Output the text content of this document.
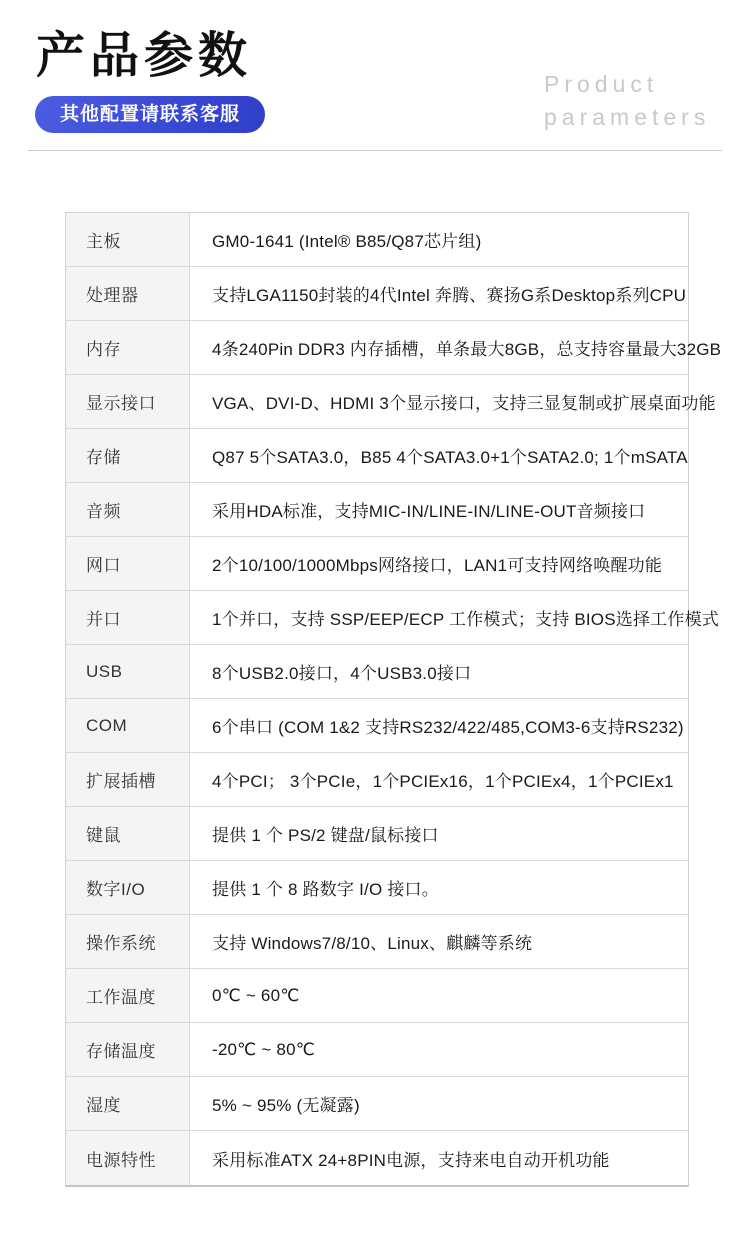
产品参数
其他配置请联系客服
Product
parameters
主板	GM0-1641 (Intel® B85/Q87芯片组)
处理器	支持LGA1150封装的4代Intel 奔腾、赛扬G系Desktop系列CPU
内存	4条240Pin DDR3 内存插槽，单条最大8GB，总支持容量最大32GB
显示接口	VGA、DVI-D、HDMI 3个显示接口，支持三显复制或扩展桌面功能
存储	Q87 5个SATA3.0，B85 4个SATA3.0+1个SATA2.0; 1个mSATA
音频	采用HDA标准，支持MIC-IN/LINE-IN/LINE-OUT音频接口
网口	2个10/100/1000Mbps网络接口，LAN1可支持网络唤醒功能
并口	1个并口，支持 SSP/EEP/ECP 工作模式；支持 BIOS选择工作模式
USB	8个USB2.0接口，4个USB3.0接口
COM	6个串口 (COM 1&2 支持RS232/422/485,COM3-6支持RS232)
扩展插槽	4个PCI； 3个PCIe，1个PCIEx16，1个PCIEx4，1个PCIEx1
键鼠	提供 1 个 PS/2 键盘/鼠标接口
数字I/O	提供 1 个 8 路数字 I/O 接口。
操作系统	支持 Windows7/8/10、Linux、麒麟等系统
工作温度	0℃ ~ 60℃
存储温度	-20℃ ~ 80℃
湿度	5% ~ 95% (无凝露)
电源特性	采用标准ATX 24+8PIN电源，支持来电自动开机功能
